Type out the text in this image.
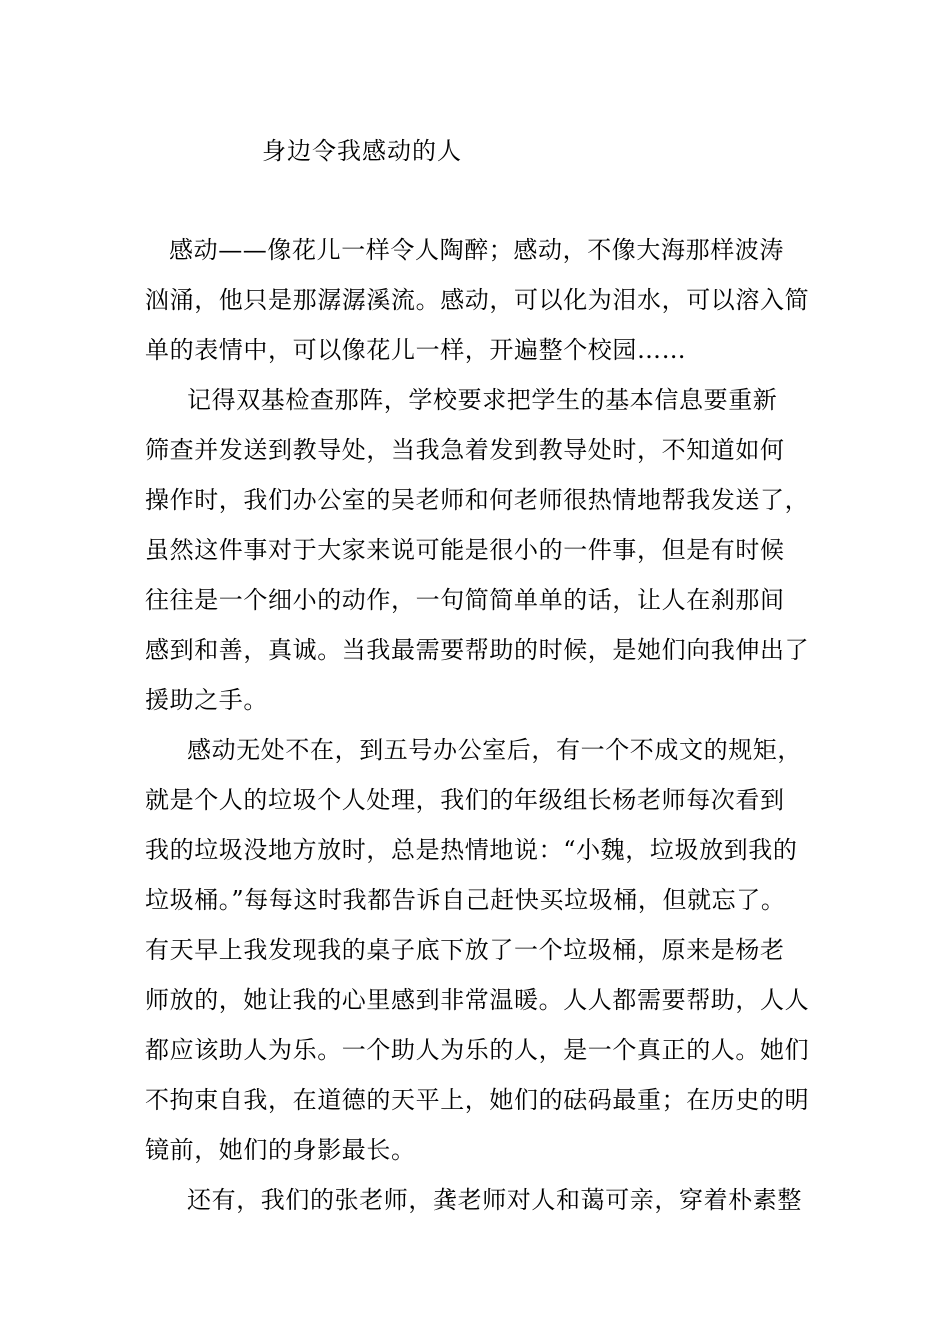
身边令我感动的人
感动——像花儿一样令人陶醉；感动，不像大海那样波涛
汹涌，他只是那潺潺溪流。感动，可以化为泪水，可以溶入简
单的表情中，可以像花儿一样，开遍整个校园……
记得双基检查那阵，学校要求把学生的基本信息要重新
筛查并发送到教导处，当我急着发到教导处时，不知道如何
操作时，我们办公室的吴老师和何老师很热情地帮我发送了，
虽然这件事对于大家来说可能是很小的一件事，但是有时候
往往是一个细小的动作，一句简简单单的话，让人在刹那间
感到和善，真诚。当我最需要帮助的时候，是她们向我伸出了
援助之手。
感动无处不在，到五号办公室后，有一个不成文的规矩，
就是个人的垃圾个人处理，我们的年级组长杨老师每次看到
我的垃圾没地方放时，总是热情地说：“小魏，垃圾放到我的
垃圾桶。”每每这时我都告诉自己赶快买垃圾桶，但就忘了。
有天早上我发现我的桌子底下放了一个垃圾桶，原来是杨老
师放的，她让我的心里感到非常温暖。人人都需要帮助，人人
都应该助人为乐。一个助人为乐的人，是一个真正的人。她们
不拘束自我，在道德的天平上，她们的砝码最重；在历史的明
镜前，她们的身影最长。
还有，我们的张老师，龚老师对人和蔼可亲，穿着朴素整
